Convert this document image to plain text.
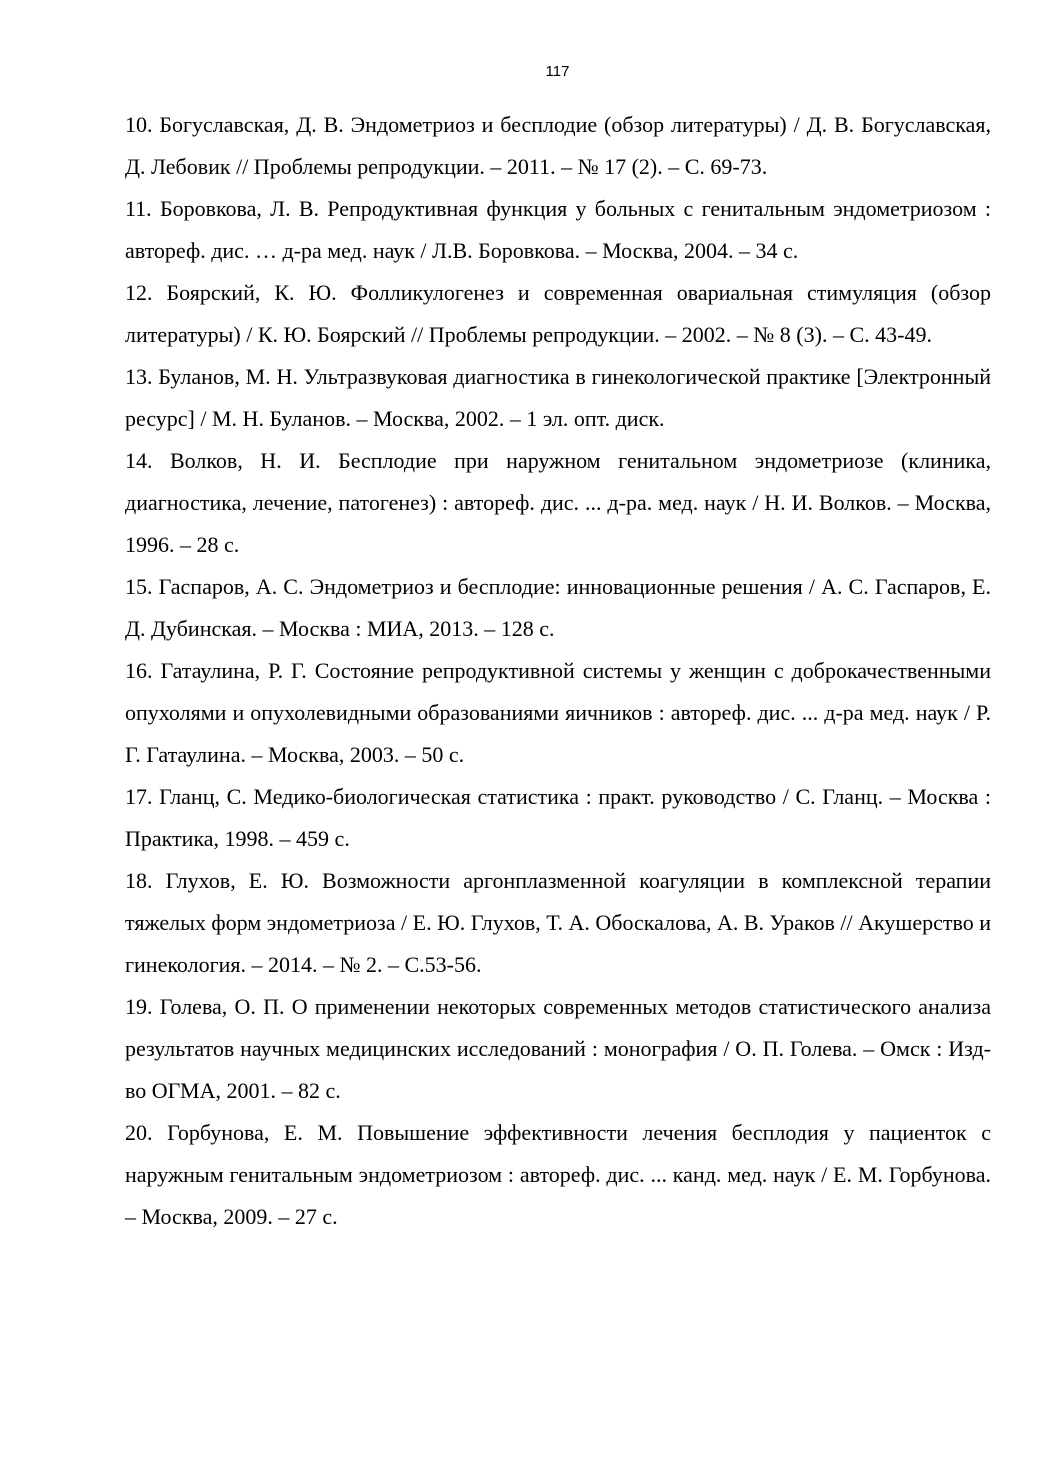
117

10. Богуславская, Д. В. Эндометриоз и бесплодие (обзор литературы) / Д. В. Богуславская, Д. Лебовик // Проблемы репродукции. – 2011. – № 17 (2). – С. 69-73.

11. Боровкова, Л. В. Репродуктивная функция у больных с генитальным эндометриозом : автореф. дис. … д-ра мед. наук / Л.В. Боровкова. – Москва, 2004. – 34 с.

12. Боярский, К. Ю. Фолликулогенез и современная овариальная стимуляция (обзор литературы) / К. Ю. Боярский // Проблемы репродукции. – 2002. – № 8 (3). – С. 43-49.

13. Буланов, М. Н. Ультразвуковая диагностика в гинекологической практике [Электронный ресурс] / М. Н. Буланов. – Москва, 2002. – 1 эл. опт. диск.

14. Волков, Н. И. Бесплодие при наружном генитальном эндометриозе (клиника, диагностика, лечение, патогенез) : автореф. дис. ... д-ра. мед. наук / Н. И. Волков. – Москва, 1996. – 28 с.

15. Гаспаров, А. С. Эндометриоз и бесплодие: инновационные решения / А. С. Гаспаров, Е. Д. Дубинская. – Москва : МИА, 2013. – 128 с.

16. Гатаулина, Р. Г. Состояние репродуктивной системы у женщин с доброкачественными опухолями и опухолевидными образованиями яичников : автореф. дис. ... д-ра мед. наук / Р. Г. Гатаулина. – Москва, 2003. – 50 с.

17. Гланц, С. Медико-биологическая статистика : практ. руководство / С. Гланц. – Москва : Практика, 1998. – 459 с.

18. Глухов, Е. Ю. Возможности аргонплазменной коагуляции в комплексной терапии тяжелых форм эндометриоза / Е. Ю. Глухов, Т. А. Обоскалова, А. В. Ураков // Акушерство и гинекология. – 2014. – № 2. – С.53-56.

19. Голева, О. П. О применении некоторых современных методов статистического анализа результатов научных медицинских исследований : монография / О. П. Голева. – Омск : Изд-во ОГМА, 2001. – 82 с.

20. Горбунова, Е. М. Повышение эффективности лечения бесплодия у пациенток с наружным генитальным эндометриозом : автореф. дис. ... канд. мед. наук / Е. М. Горбунова. – Москва, 2009. – 27 с.
